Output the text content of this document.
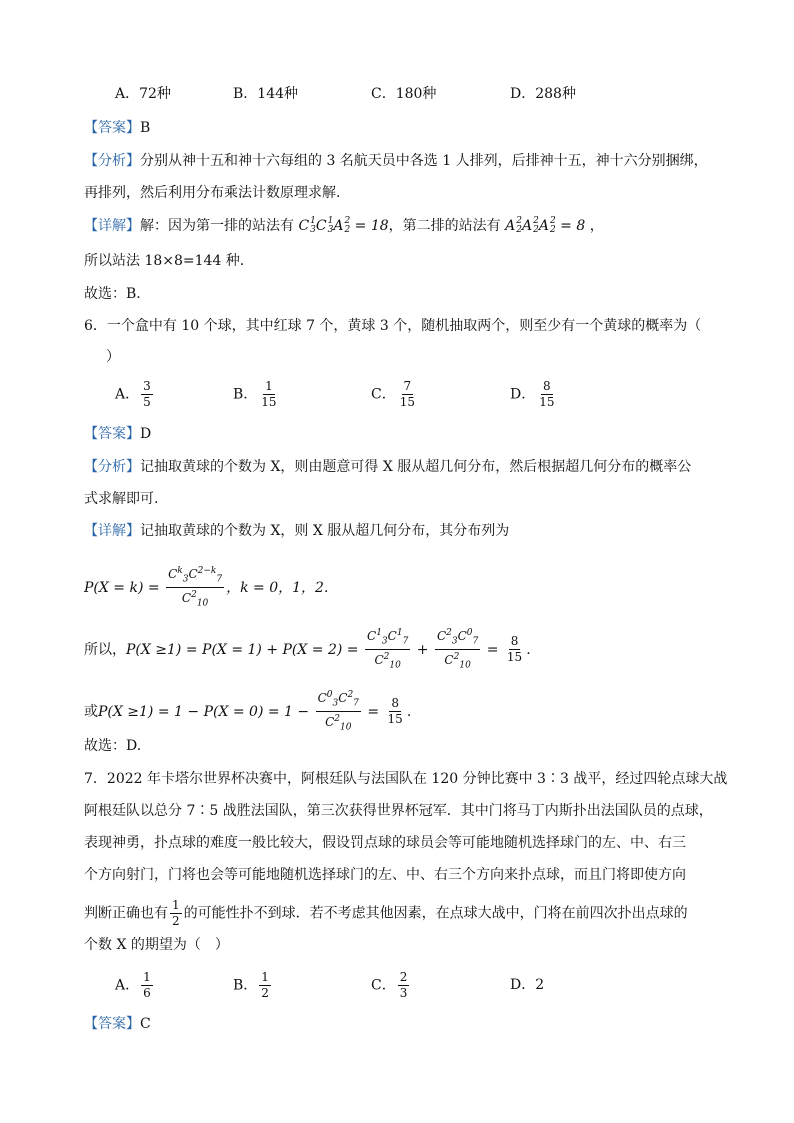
A．72种	B．144种	C．180种	D．288种
【答案】B
【分析】分别从神十五和神十六每组的 3 名航天员中各选 1 人排列，后排神十五，神十六分别捆绑，
再排列，然后利用分布乘法计数原理求解.
【详解】解：因为第一排的站法有 C 1
3 C 1
3 A 2
2 = 18，第二排的站法有 A 2
2 A 2
2 A 2
2 = 8 ，
所以站法 18×8=144 种.
故选：B.
6．一个盒中有 10 个球，其中红球 7 个，黄球 3 个，随机抽取两个，则至少有一个黄球的概率为（
）
A． $\frac{3}{5}$	B． $\frac{1}{15}$	C． $\frac{7}{15}$	D． $\frac{8}{15}$
【答案】D
【分析】记抽取黄球的个数为 X，则由题意可得 X 服从超几何分布，然后根据超几何分布的概率公
式求解即可.
【详解】记抽取黄球的个数为 X，则 X 服从超几何分布，其分布列为
$P(X = k) = \frac{C^k_3C^{2-k}_7}{C^2_{10}}$ ，k = 0，1，2.
所以，$P(X \ge 1) = P(X = 1) + P(X = 2) = \frac{C^1_3C^1_7}{C^2_{10}} + \frac{C^2_3C^0_7}{C^2_{10}} = \frac{8}{15}$ .
或$P(X \ge 1) = 1 - P(X = 0) = 1 - \frac{C^0_3C^2_7}{C^2_{10}} = \frac{8}{15}$ .
故选：D.
7．2022 年卡塔尔世界杯决赛中，阿根廷队与法国队在 120 分钟比赛中 3∶3 战平，经过四轮点球大战
阿根廷队以总分 7∶5 战胜法国队，第三次获得世界杯冠军．其中门将马丁内斯扑出法国队员的点球，
表现神勇，扑点球的难度一般比较大，假设罚点球的球员会等可能地随机选择球门的左、中、右三
个方向射门，门将也会等可能地随机选择球门的左、中、右三个方向来扑点球，而且门将即使方向
判断正确也有 $\frac{1}{2}$ 的可能性扑不到球．若不考虑其他因素，在点球大战中，门将在前四次扑出点球的
个数 X 的期望为（　）
A． $\frac{1}{6}$	B． $\frac{1}{2}$	C． $\frac{2}{3}$	D．2
【答案】C
